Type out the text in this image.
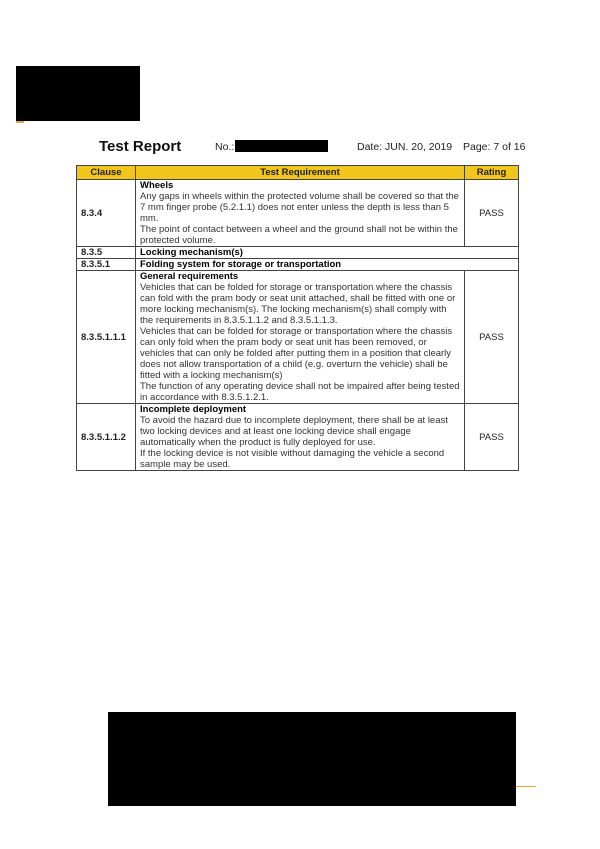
Test Report	No.:	Date: JUN. 20, 2019 Page: 7 of 16
Clause	Test Requirement	Rating
8.3.4	Wheels
Any gaps in wheels within the protected volume shall be covered so that the 7 mm finger probe (5.2.1.1) does not enter unless the depth is less than 5 mm.
The point of contact between a wheel and the ground shall not be within the protected volume.	PASS
8.3.5	Locking mechanism(s)	
8.3.5.1	Folding system for storage or transportation	
8.3.5.1.1.1	General requirements
Vehicles that can be folded for storage or transportation where the chassis can fold with the pram body or seat unit attached, shall be fitted with one or more locking mechanism(s). The locking mechanism(s) shall comply with the requirements in 8.3.5.1.1.2 and 8.3.5.1.1.3.
Vehicles that can be folded for storage or transportation where the chassis can only fold when the pram body or seat unit has been removed, or vehicles that can only be folded after putting them in a position that clearly does not allow transportation of a child (e.g. overturn the vehicle) shall be fitted with a locking mechanism(s)
The function of any operating device shall not be impaired after being tested in accordance with 8.3.5.1.2.1.	PASS
8.3.5.1.1.2	Incomplete deployment
To avoid the hazard due to incomplete deployment, there shall be at least two locking devices and at least one locking device shall engage automatically when the product is fully deployed for use.
If the locking device is not visible without damaging the vehicle a second sample may be used.	PASS
